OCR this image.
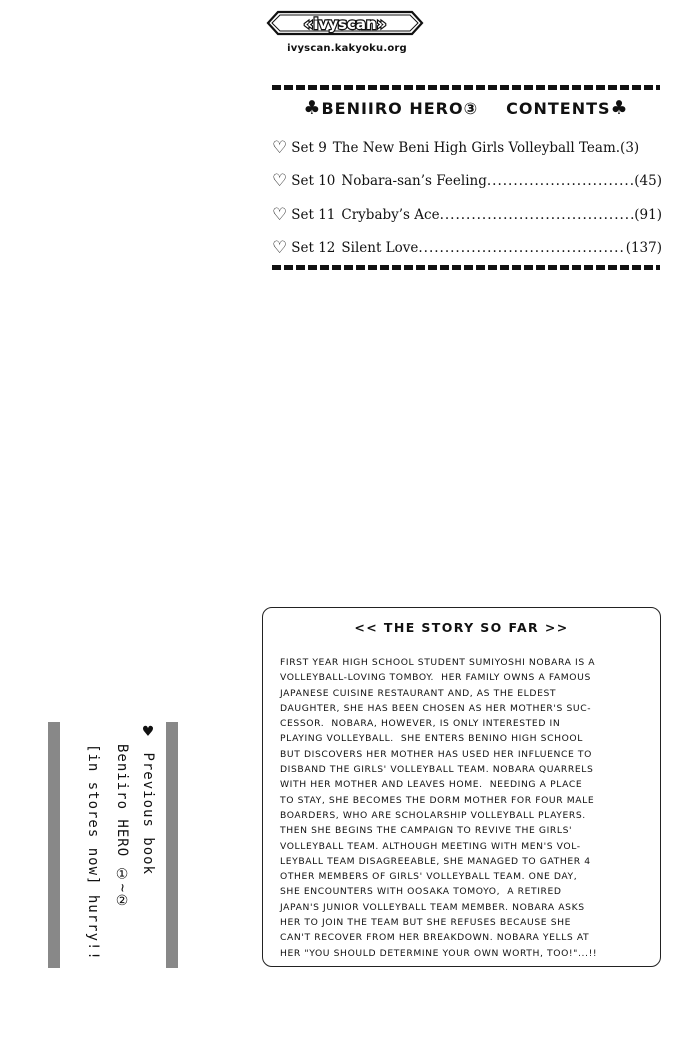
«ivyscan»
ivyscan.kakyoku.org
♣BENIIRO HERO③ CONTENTS♣
♡ Set 9 The New Beni High Girls Volleyball Team. (3)
♡ Set 10 Nobara-san’s Feeling .....	(45)
♡ Set 11 Crybaby’s Ace .....	(91)
♡ Set 12 Silent Love .....	(137)
<< THE STORY SO FAR >>
FIRST YEAR HIGH SCHOOL STUDENT SUMIYOSHI NOBARA IS A
VOLLEYBALL-LOVING TOMBOY.  HER FAMILY OWNS A FAMOUS
JAPANESE CUISINE RESTAURANT AND, AS THE ELDEST
DAUGHTER, SHE HAS BEEN CHOSEN AS HER MOTHER'S SUC-
CESSOR.  NOBARA, HOWEVER, IS ONLY INTERESTED IN
PLAYING VOLLEYBALL.  SHE ENTERS BENINO HIGH SCHOOL
BUT DISCOVERS HER MOTHER HAS USED HER INFLUENCE TO
DISBAND THE GIRLS' VOLLEYBALL TEAM. NOBARA QUARRELS
WITH HER MOTHER AND LEAVES HOME.  NEEDING A PLACE
TO STAY, SHE BECOMES THE DORM MOTHER FOR FOUR MALE
BOARDERS, WHO ARE SCHOLARSHIP VOLLEYBALL PLAYERS.
THEN SHE BEGINS THE CAMPAIGN TO REVIVE THE GIRLS'
VOLLEYBALL TEAM. ALTHOUGH MEETING WITH MEN'S VOL-
LEYBALL TEAM DISAGREEABLE, SHE MANAGED TO GATHER 4
OTHER MEMBERS OF GIRLS' VOLLEYBALL TEAM. ONE DAY,
SHE ENCOUNTERS WITH OOSAKA TOMOYO,  A RETIRED
JAPAN'S JUNIOR VOLLEYBALL TEAM MEMBER. NOBARA ASKS
HER TO JOIN THE TEAM BUT SHE REFUSES BECAUSE SHE
CAN'T RECOVER FROM HER BREAKDOWN. NOBARA YELLS AT
HER "YOU SHOULD DETERMINE YOUR OWN WORTH, TOO!"...!!
♥ Previous book
Beniiro HERO ①~②
[in stores now] hurry!!
